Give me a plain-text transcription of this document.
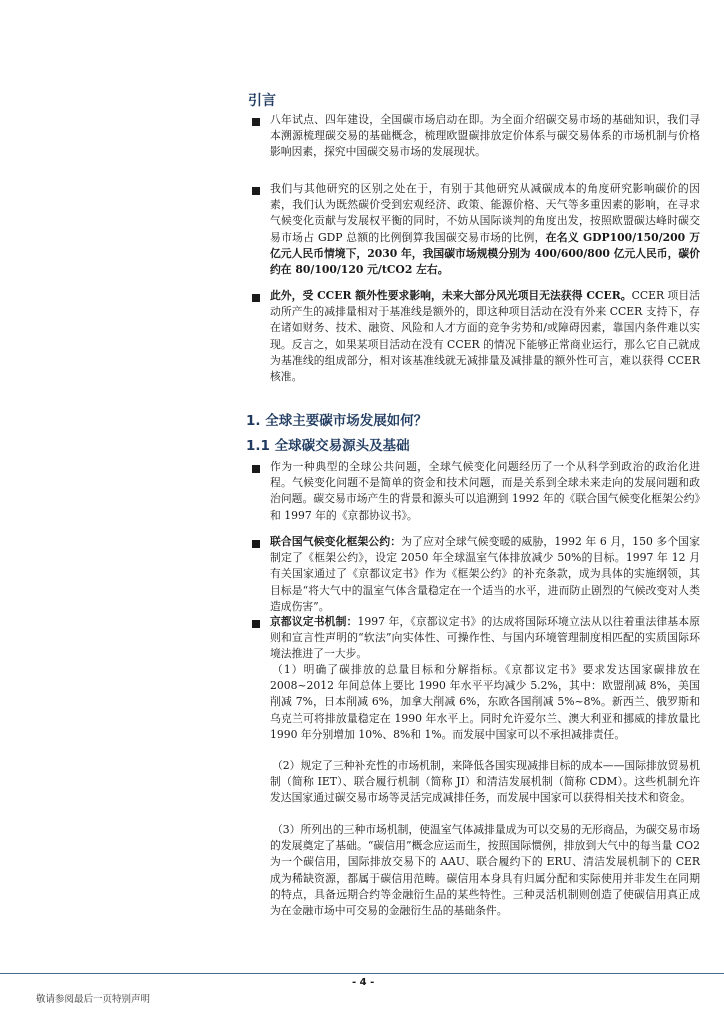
引言
八年试点、四年建设，全国碳市场启动在即。为全面介绍碳交易市场的基础知识，我们寻本溯源梳理碳交易的基础概念，梳理欧盟碳排放定价体系与碳交易体系的市场机制与价格影响因素，探究中国碳交易市场的发展现状。
我们与其他研究的区别之处在于，有别于其他研究从减碳成本的角度研究影响碳价的因素，我们认为既然碳价受到宏观经济、政策、能源价格、天气等多重因素的影响，在寻求气候变化贡献与发展权平衡的同时，不妨从国际谈判的角度出发，按照欧盟碳达峰时碳交易市场占 GDP 总额的比例倒算我国碳交易市场的比例，在名义 GDP100/150/200 万亿元人民币情境下，2030 年，我国碳市场规模分别为 400/600/800 亿元人民币，碳价约在 80/100/120 元/tCO2 左右。
此外，受 CCER 额外性要求影响，未来大部分风光项目无法获得 CCER。CCER 项目活动所产生的减排量相对于基准线是额外的，即这种项目活动在没有外来 CCER 支持下，存在诸如财务、技术、融资、风险和人才方面的竞争劣势和/或障碍因素，靠国内条件难以实现。反言之，如果某项目活动在没有 CCER 的情况下能够正常商业运行，那么它自己就成为基准线的组成部分，相对该基准线就无减排量及减排量的额外性可言，难以获得 CCER 核准。
1. 全球主要碳市场发展如何？
1.1 全球碳交易源头及基础
作为一种典型的全球公共问题，全球气候变化问题经历了一个从科学到政治的政治化进程。气候变化问题不是简单的资金和技术问题，而是关系到全球未来走向的发展问题和政治问题。碳交易市场产生的背景和源头可以追溯到 1992 年的《联合国气候变化框架公约》和 1997 年的《京都协议书》。
联合国气候变化框架公约：为了应对全球气候变暖的威胁，1992 年 6 月，150 多个国家制定了《框架公约》，设定 2050 年全球温室气体排放减少 50%的目标。1997 年 12 月有关国家通过了《京都议定书》作为《框架公约》的补充条款，成为具体的实施纲领，其目标是“将大气中的温室气体含量稳定在一个适当的水平，进而防止剧烈的气候改变对人类造成伤害”。
京都议定书机制：1997 年，《京都议定书》的达成将国际环境立法从以往着重法律基本原则和宣言性声明的“软法”向实体性、可操作性、与国内环境管理制度相匹配的实质国际环境法推进了一大步。
（1）明确了碳排放的总量目标和分解指标。《京都议定书》要求发达国家碳排放在 2008~2012 年间总体上要比 1990 年水平平均减少 5.2%，其中：欧盟削减 8%，美国削减 7%，日本削减 6%，加拿大削减 6%，东欧各国削减 5%~8%。新西兰、俄罗斯和乌克兰可将排放量稳定在 1990 年水平上。同时允许爱尔兰、澳大利亚和挪威的排放量比 1990 年分别增加 10%、8%和 1%。而发展中国家可以不承担减排责任。
（2）规定了三种补充性的市场机制，来降低各国实现减排目标的成本——国际排放贸易机制（简称 IET）、联合履行机制（简称 JI）和清洁发展机制（简称 CDM）。这些机制允许发达国家通过碳交易市场等灵活完成减排任务，而发展中国家可以获得相关技术和资金。
（3）所列出的三种市场机制，使温室气体减排量成为可以交易的无形商品，为碳交易市场的发展奠定了基础。“碳信用”概念应运而生，按照国际惯例，排放到大气中的每当量 CO2 为一个碳信用，国际排放交易下的 AAU、联合履约下的 ERU、清洁发展机制下的 CER 成为稀缺资源，都属于碳信用范畴。碳信用本身具有归属分配和实际使用并非发生在同期的特点，具备远期合约等金融衍生品的某些特性。三种灵活机制则创造了使碳信用真正成为在金融市场中可交易的金融衍生品的基础条件。
- 4 -
敬请参阅最后一页特别声明
